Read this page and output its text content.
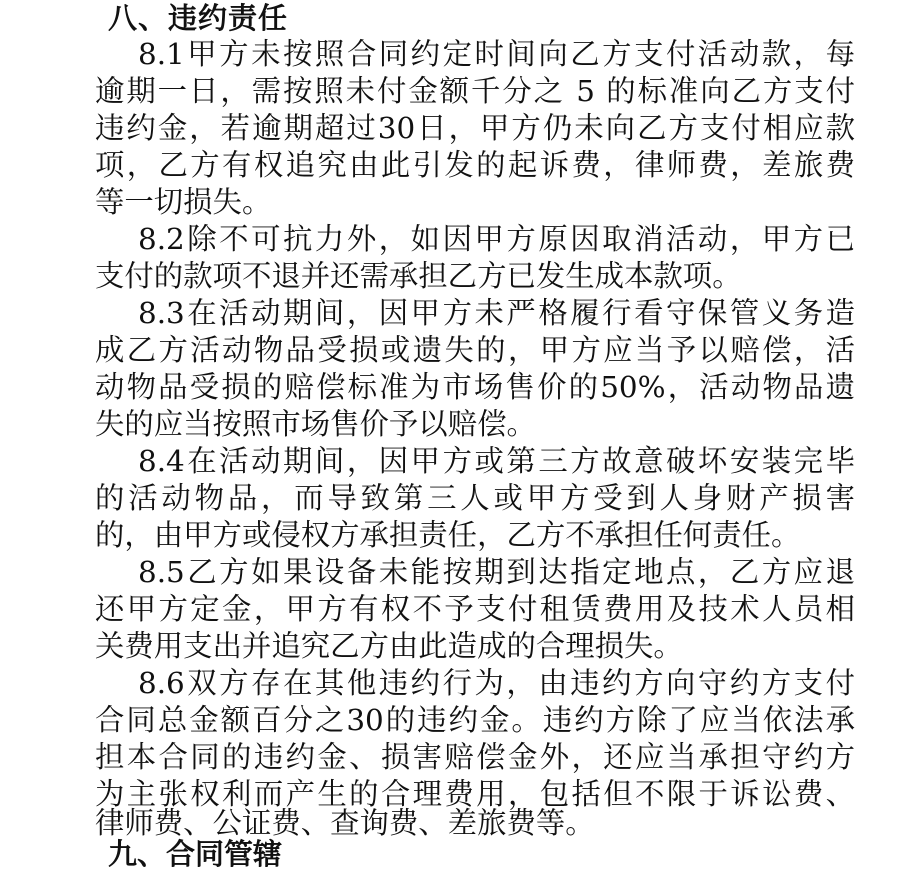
八、违约责任
8.1甲方未按照合同约定时间向乙方支付活动款，每
逾期一日，需按照未付金额千分之 5 的标准向乙方支付
违约金，若逾期超过30日，甲方仍未向乙方支付相应款
项，乙方有权追究由此引发的起诉费，律师费，差旅费
等一切损失。
8.2除不可抗力外，如因甲方原因取消活动，甲方已
支付的款项不退并还需承担乙方已发生成本款项。
8.3在活动期间，因甲方未严格履行看守保管义务造
成乙方活动物品受损或遗失的，甲方应当予以赔偿，活
动物品受损的赔偿标准为市场售价的50%，活动物品遗
失的应当按照市场售价予以赔偿。
8.4在活动期间，因甲方或第三方故意破坏安装完毕
的活动物品，而导致第三人或甲方受到人身财产损害
的，由甲方或侵权方承担责任，乙方不承担任何责任。
8.5乙方如果设备未能按期到达指定地点，乙方应退
还甲方定金，甲方有权不予支付租赁费用及技术人员相
关费用支出并追究乙方由此造成的合理损失。
8.6双方存在其他违约行为，由违约方向守约方支付
合同总金额百分之30的违约金。违约方除了应当依法承
担本合同的违约金、损害赔偿金外，还应当承担守约方
为主张权利而产生的合理费用，包括但不限于诉讼费、
律师费、公证费、查询费、差旅费等。
九、合同管辖
